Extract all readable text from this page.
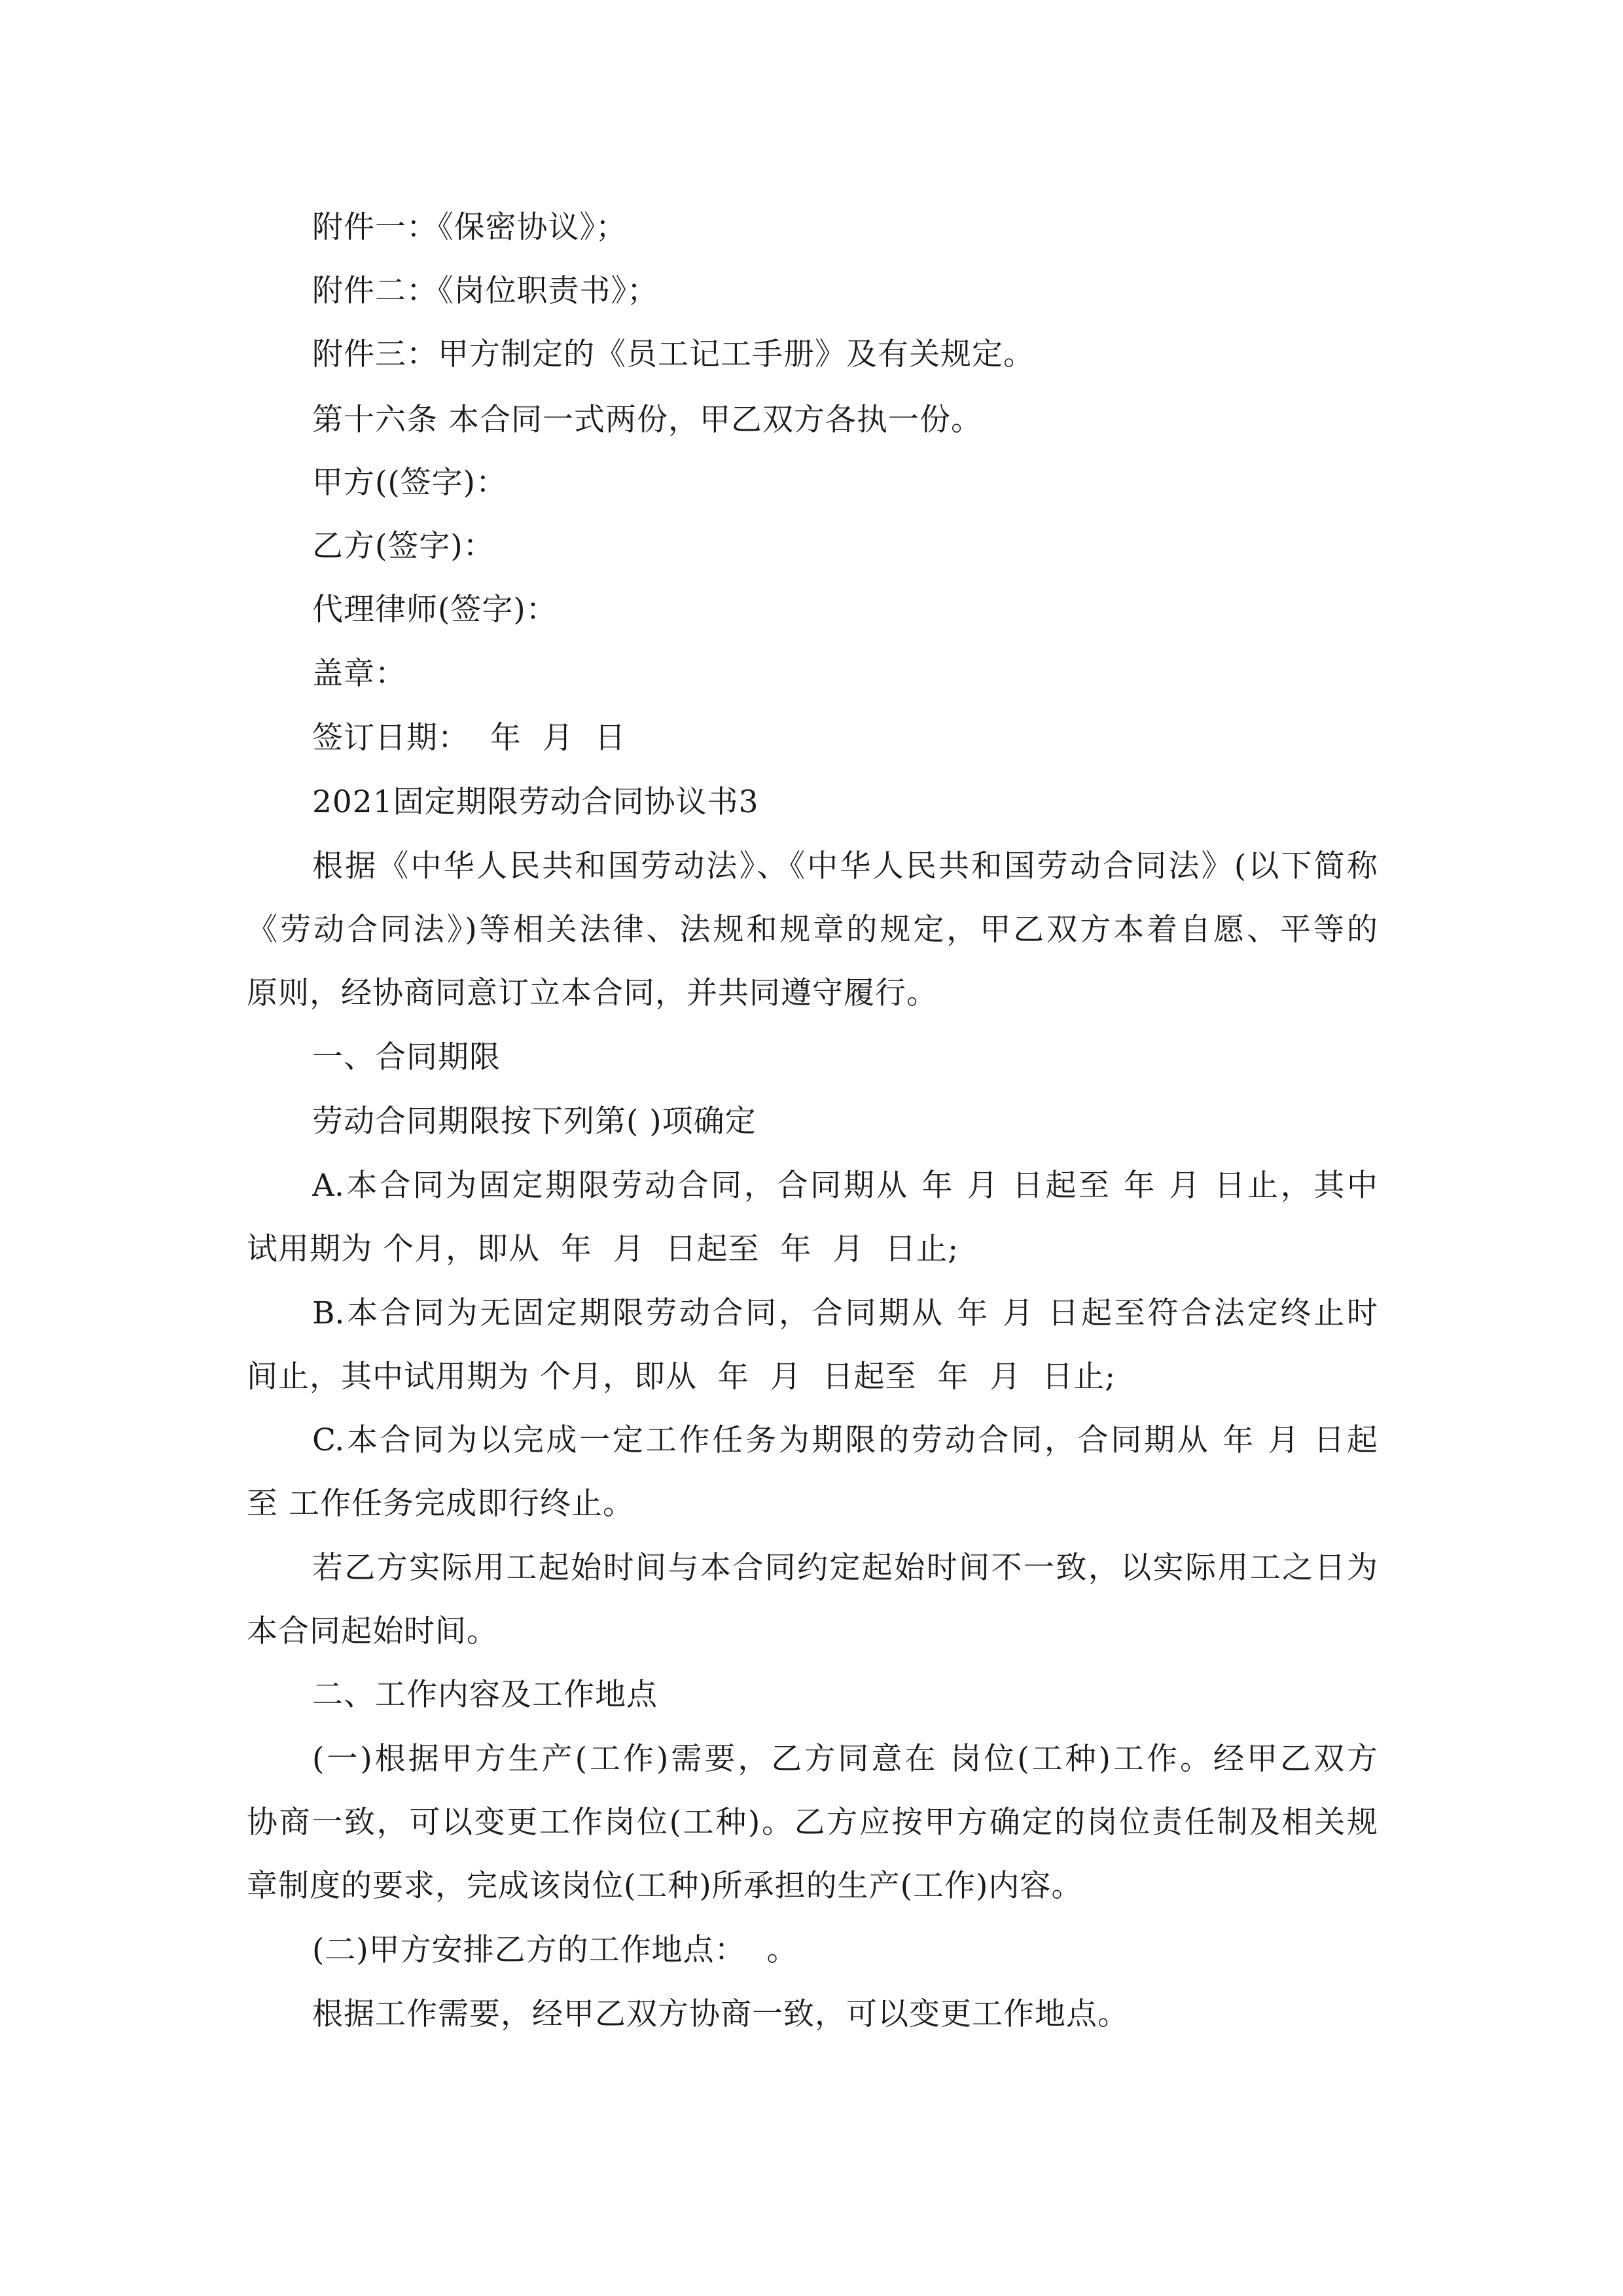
附件一：《保密协议》；
附件二：《岗位职责书》；
附件三：甲方制定的《员工记工手册》及有关规定。
第十六条 本合同一式两份，甲乙双方各执一份。
甲方((签字)：
乙方(签字)：
代理律师(签字)：
盖章：
签订日期：  年  月  日
2021固定期限劳动合同协议书3
根据《中华人民共和国劳动法》、《中华人民共和国劳动合同法》(以下简称
《劳动合同法》)等相关法律、法规和规章的规定，甲乙双方本着自愿、平等的
原则，经协商同意订立本合同，并共同遵守履行。
一、合同期限
劳动合同期限按下列第( )项确定
A.本合同为固定期限劳动合同，合同期从 年 月 日起至 年 月 日止，其中
试用期为 个月，即从  年  月  日起至  年  月  日止;
B.本合同为无固定期限劳动合同，合同期从 年 月 日起至符合法定终止时
间止，其中试用期为 个月，即从  年  月  日起至  年  月  日止;
C.本合同为以完成一定工作任务为期限的劳动合同，合同期从 年 月 日起
至 工作任务完成即行终止。
若乙方实际用工起始时间与本合同约定起始时间不一致，以实际用工之日为
本合同起始时间。
二、工作内容及工作地点
(一)根据甲方生产(工作)需要，乙方同意在 岗位(工种)工作。经甲乙双方
协商一致，可以变更工作岗位(工种)。乙方应按甲方确定的岗位责任制及相关规
章制度的要求，完成该岗位(工种)所承担的生产(工作)内容。
(二)甲方安排乙方的工作地点：  。
根据工作需要，经甲乙双方协商一致，可以变更工作地点。
